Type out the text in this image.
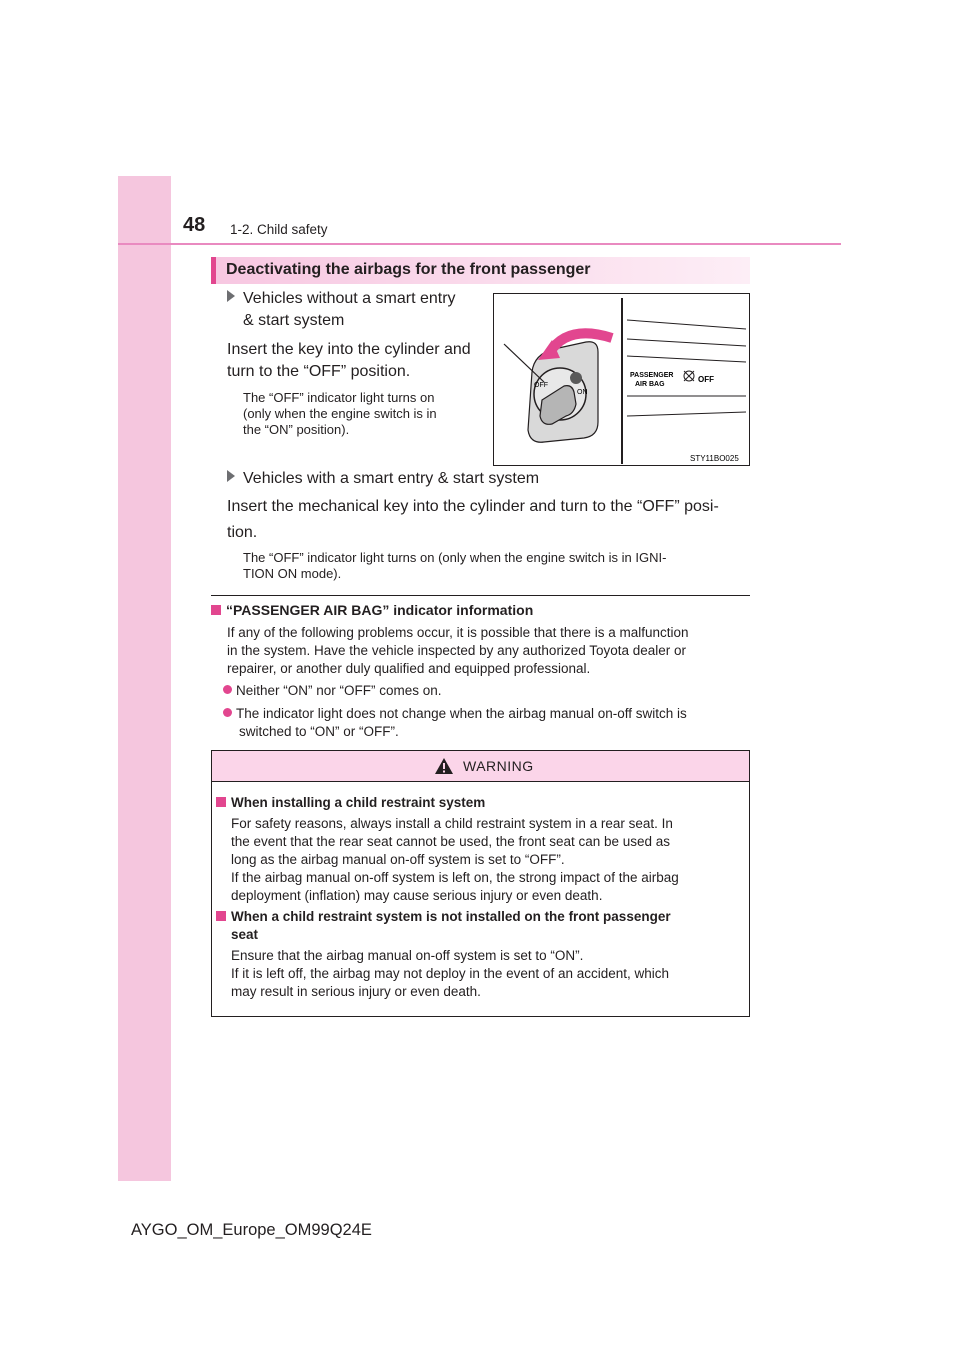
48 1-2. Child safety
Deactivating the airbags for the front passenger
Vehicles without a smart entry
& start system
Insert the key into the cylinder and
turn to the “OFF” position.
The “OFF” indicator light turns on
(only when the engine switch is in
the “ON” position).
OFF
ON
PASSENGER
AIR BAG
OFF
STY11BO025
Vehicles with a smart entry & start system
Insert the mechanical key into the cylinder and turn to the “OFF” posi-
tion.
The “OFF” indicator light turns on (only when the engine switch is in IGNI-
TION ON mode).
“PASSENGER AIR BAG” indicator information
If any of the following problems occur, it is possible that there is a malfunction
in the system. Have the vehicle inspected by any authorized Toyota dealer or
repairer, or another duly qualified and equipped professional.
Neither “ON” nor “OFF” comes on.
The indicator light does not change when the airbag manual on-off switch is
switched to “ON” or “OFF”.
WARNING
When installing a child restraint system
For safety reasons, always install a child restraint system in a rear seat. In
the event that the rear seat cannot be used, the front seat can be used as
long as the airbag manual on-off system is set to “OFF”.
If the airbag manual on-off system is left on, the strong impact of the airbag
deployment (inflation) may cause serious injury or even death.
When a child restraint system is not installed on the front passenger
seat
Ensure that the airbag manual on-off system is set to “ON”.
If it is left off, the airbag may not deploy in the event of an accident, which
may result in serious injury or even death.
AYGO_OM_Europe_OM99Q24E
